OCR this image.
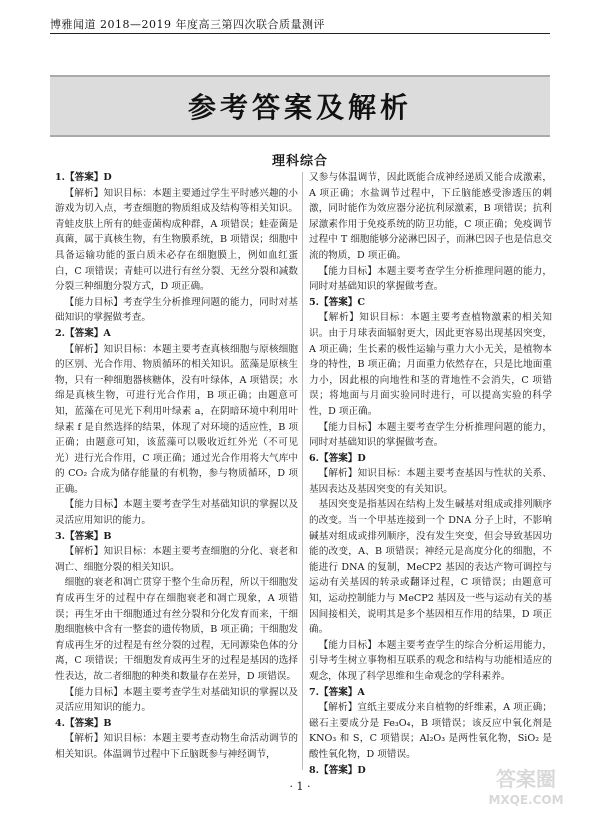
博雅闻道 2018—2019 年度高三第四次联合质量测评
参考答案及解析
理科综合

1.【答案】D

【解析】知识目标：本题主要通过学生平时感兴趣的小游戏为切入点，考查细胞的物质组成及结构等相关知识。青蛙皮肤上所有的蛙壶菌构成种群，A 项错误；蛙壶菌是真菌，属于真核生物，有生物膜系统，B 项错误；细胞中具备运输功能的蛋白质未必存在细胞膜上，例如血红蛋白，C 项错误；青蛙可以进行有丝分裂、无丝分裂和减数分裂三种细胞分裂方式，D 项正确。

【能力目标】考查学生分析推理问题的能力，同时对基础知识的掌握做考查。

2.【答案】A

【解析】知识目标：本题主要考查真核细胞与原核细胞的区别、光合作用、物质循环的相关知识。蓝藻是原核生物，只有一种细胞器核糖体，没有叶绿体，A 项错误；水绵是真核生物，可进行光合作用，B 项正确；由题意可知，蓝藻在可见光下利用叶绿素 a，在阴暗环境中利用叶绿素 f 是自然选择的结果，体现了对环境的适应性，B 项正确；由题意可知，该蓝藻可以吸收近红外光（不可见光）进行光合作用，C 项正确；通过光合作用将大气库中的 CO₂ 合成为储存能量的有机物，参与物质循环，D 项正确。

【能力目标】本题主要考查学生对基础知识的掌握以及灵活应用知识的能力。

3.【答案】B

【解析】知识目标：本题主要考查细胞的分化、衰老和凋亡、细胞分裂的相关知识。

细胞的衰老和凋亡贯穿于整个生命历程，所以干细胞发育成再生牙的过程中存在细胞衰老和凋亡现象，A 项错误；再生牙由干细胞通过有丝分裂和分化发育而来，干细胞细胞核中含有一整套的遗传物质，B 项正确；干细胞发育成再生牙的过程是有丝分裂的过程，无同源染色体的分离，C 项错误；干细胞发育成再生牙的过程是基因的选择性表达，故二者细胞的种类和数量存在差异，D 项错误。

【能力目标】本题主要考查学生对基础知识的掌握以及灵活应用知识的能力。

4.【答案】B

【解析】知识目标：本题主要考查动物生命活动调节的相关知识。体温调节过程中下丘脑既参与神经调节，

又参与体温调节，因此既能合成神经递质又能合成激素，A 项正确；水盐调节过程中，下丘脑能感受渗透压的刺激，同时能作为效应器分泌抗利尿激素，B 项错误；抗利尿激素作用于免疫系统的防卫功能，C 项正确；免疫调节过程中 T 细胞能够分泌淋巴因子，而淋巴因子也是信息交流的物质，D 项正确。

【能力目标】本题主要考查学生分析推理问题的能力，同时对基础知识的掌握做考查。

5.【答案】C

【解析】知识目标：本题主要考查植物激素的相关知识。由于月球表面辐射更大，因此更容易出现基因突变，A 项正确；生长素的极性运输与重力大小无关，是植物本身的特性，B 项正确；月面重力依然存在，只是比地面重力小，因此根的向地性和茎的背地性不会消失，C 项错误；将地面与月面实验同时进行，可以提高实验的科学性，D 项正确。

【能力目标】本题主要考查学生分析推理问题的能力，同时对基础知识的掌握做考查。

6.【答案】D

【解析】知识目标：本题主要考查基因与性状的关系、基因表达及基因突变的有关知识。

基因突变是指基因在结构上发生碱基对组成或排列顺序的改变。当一个甲基连接到一个 DNA 分子上时，不影响碱基对组成或排列顺序，没有发生突变，但会导致基因功能的改变，A、B 项错误；神经元是高度分化的细胞，不能进行 DNA 的复制，MeCP2 基因的表达产物可调控与运动有关基因的转录或翻译过程，C 项错误；由题意可知，运动控制能力与 MeCP2 基因及一些与运动有关的基因间接相关，说明其是多个基因相互作用的结果，D 项正确。

【能力目标】本题主要考查学生的综合分析运用能力，引导考生树立事物相互联系的观念和结构与功能相适应的观念，体现了科学思维和生命观念的学科素养。

7.【答案】A

【解析】宣纸主要成分来自植物的纤维素，A 项正确；磁石主要成分是 Fe₃O₄，B 项错误；该反应中氧化剂是 KNO₃ 和 S，C 项错误；Al₂O₃ 是两性氧化物，SiO₂ 是酸性氧化物，D 项错误。

8.【答案】D

· 1 ·	答案圈
MXQE.COM
